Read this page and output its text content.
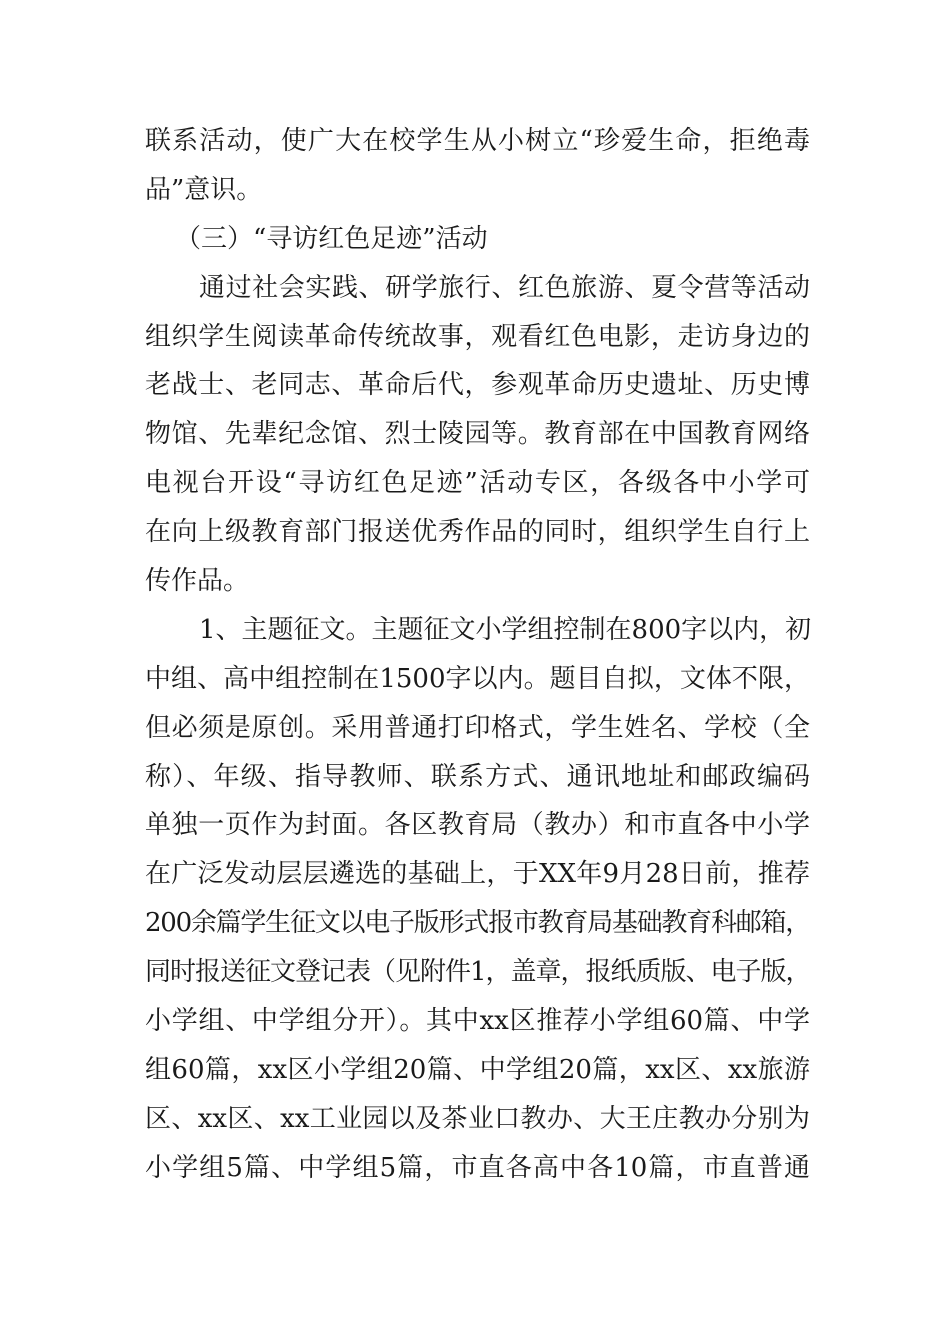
联系活动，使广大在校学生从小树立“珍爱生命，拒绝毒
品”意识。
（三）“寻访红色足迹”活动
通过社会实践、研学旅行、红色旅游、夏令营等活动
组织学生阅读革命传统故事，观看红色电影，走访身边的
老战士、老同志、革命后代，参观革命历史遗址、历史博
物馆、先辈纪念馆、烈士陵园等。教育部在中国教育网络
电视台开设“寻访红色足迹”活动专区，各级各中小学可
在向上级教育部门报送优秀作品的同时，组织学生自行上
传作品。
1、主题征文。主题征文小学组控制在800字以内，初
中组、高中组控制在1500字以内。题目自拟，文体不限，
但必须是原创。采用普通打印格式，学生姓名、学校（全
称）、年级、指导教师、联系方式、通讯地址和邮政编码
单独一页作为封面。各区教育局（教办）和市直各中小学
在广泛发动层层遴选的基础上，于XX年9月28日前，推荐
200余篇学生征文以电子版形式报市教育局基础教育科邮箱，
同时报送征文登记表（见附件1，盖章，报纸质版、电子版，
小学组、中学组分开）。其中xx区推荐小学组60篇、中学
组60篇，xx区小学组20篇、中学组20篇，xx区、xx旅游
区、xx区、xx工业园以及茶业口教办、大王庄教办分别为
小学组5篇、中学组5篇，市直各高中各10篇，市直普通
